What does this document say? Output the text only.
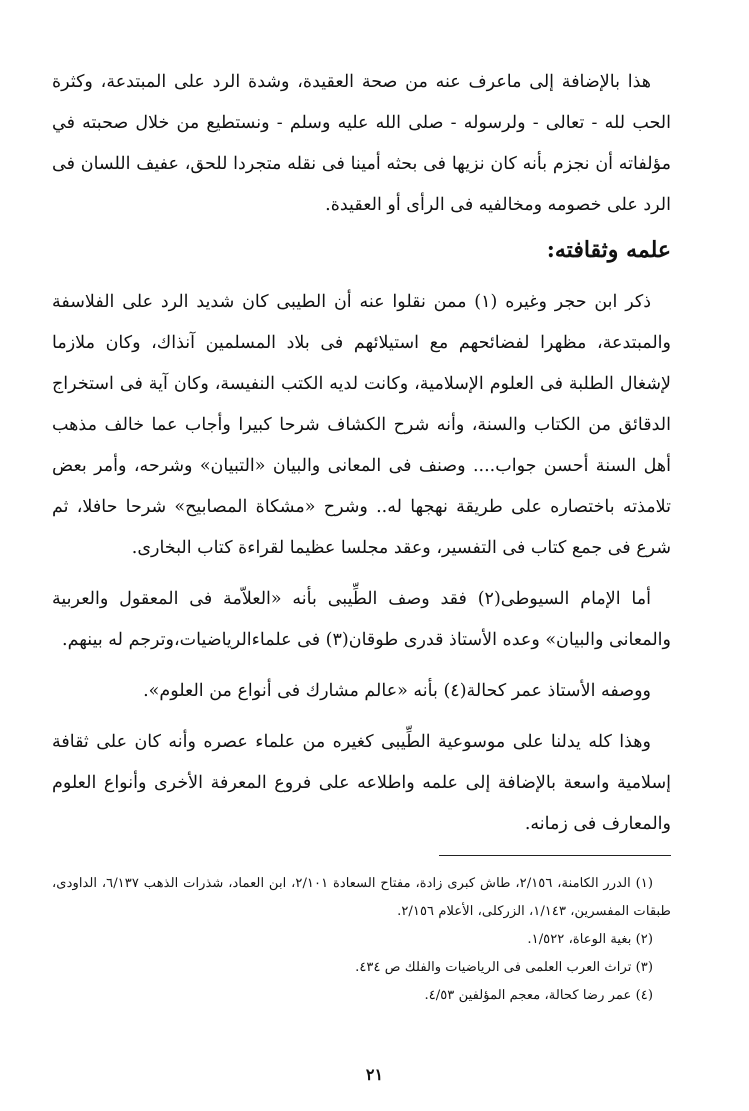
هذا بالإضافة إلى ماعرف عنه من صحة العقيدة، وشدة الرد على المبتدعة، وكثرة الحب لله - تعالى - ولرسوله - صلى الله عليه وسلم - ونستطيع من خلال صحبته في مؤلفاته أن نجزم بأنه كان نزيها فى بحثه أمينا فى نقله متجردا للحق، عفيف اللسان فى الرد على خصومه ومخالفيه فى الرأى أو العقيدة.

علمه وثقافته:

ذكر ابن حجر وغيره (١) ممن نقلوا عنه أن الطيبى كان شديد الرد على الفلاسفة والمبتدعة، مظهرا لفضائحهم مع استيلائهم فى بلاد المسلمين آنذاك، وكان ملازما لإشغال الطلبة فى العلوم الإسلامية، وكانت لديه الكتب النفيسة، وكان آية فى استخراج الدقائق من الكتاب والسنة، وأنه شرح الكشاف شرحا كبيرا وأجاب عما خالف مذهب أهل السنة أحسن جواب.... وصنف فى المعانى والبيان «التبيان» وشرحه، وأمر بعض تلامذته باختصاره على طريقة نهجها له.. وشرح «مشكاة المصابيح» شرحا حافلا، ثم شرع فى جمع كتاب فى التفسير، وعقد مجلسا عظيما لقراءة كتاب البخارى.

أما الإمام السيوطى(٢) فقد وصف الطِّيبى بأنه «العلاّمة فى المعقول والعربية والمعانى والبيان» وعده الأستاذ قدرى طوقان(٣) فى علماءالرياضيات،وترجم له بينهم.

ووصفه الأستاذ عمر كحالة(٤) بأنه «عالم مشارك فى أنواع من العلوم».

وهذا كله يدلنا على موسوعية الطِّيبى كغيره من علماء عصره وأنه كان على ثقافة إسلامية واسعة بالإضافة إلى علمه واطلاعه على فروع المعرفة الأخرى وأنواع العلوم والمعارف فى زمانه.

(١) الدرر الكامنة، ٢/١٥٦، طاش كبرى زادة، مفتاح السعادة ٢/١٠١، ابن العماد، شذرات الذهب ٦/١٣٧، الداودى، طبقات المفسرين، ١/١٤٣، الزركلى، الأعلام ٢/١٥٦.

(٢) بغية الوعاة، ١/٥٢٢.

(٣) تراث العرب العلمى فى الرياضيات والفلك ص ٤٣٤.

(٤) عمر رضا كحالة، معجم المؤلفين ٤/٥٣.

٢١
